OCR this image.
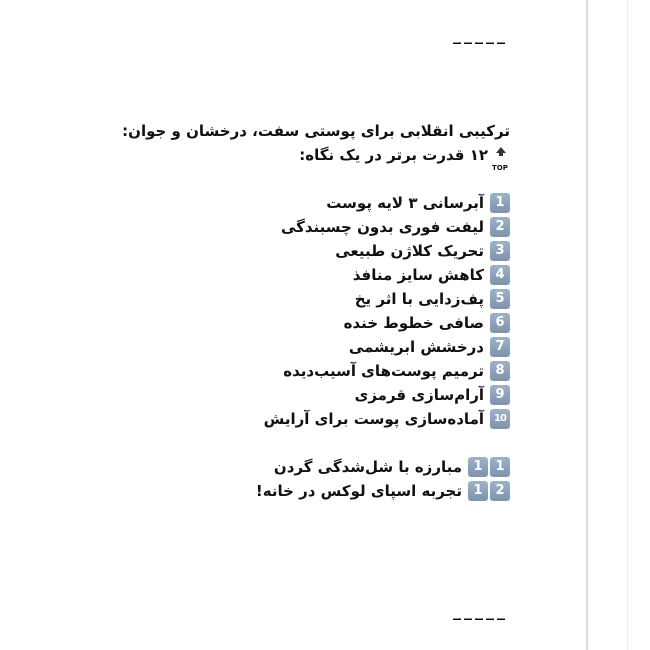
_____
ترکیبی انقلابی برای پوستی سفت، درخشان و جوان:
TOP
۱۲ قدرت برتر در یک نگاه:
1آبرسانی ۳ لایه پوست
2لیفت فوری بدون چسبندگی
3تحریک کلاژن طبیعی
4کاهش سایز منافذ
5پف‌زدایی با اثر یخ
6صافی خطوط خنده
7درخشش ابریشمی
8ترمیم پوست‌های آسیب‌دیده
9آرام‌سازی قرمزی
10آماده‌سازی پوست برای آرایش
1 1مبارزه با شل‌شدگی گردن
1 2تجربه اسپای لوکس در خانه!
_____
